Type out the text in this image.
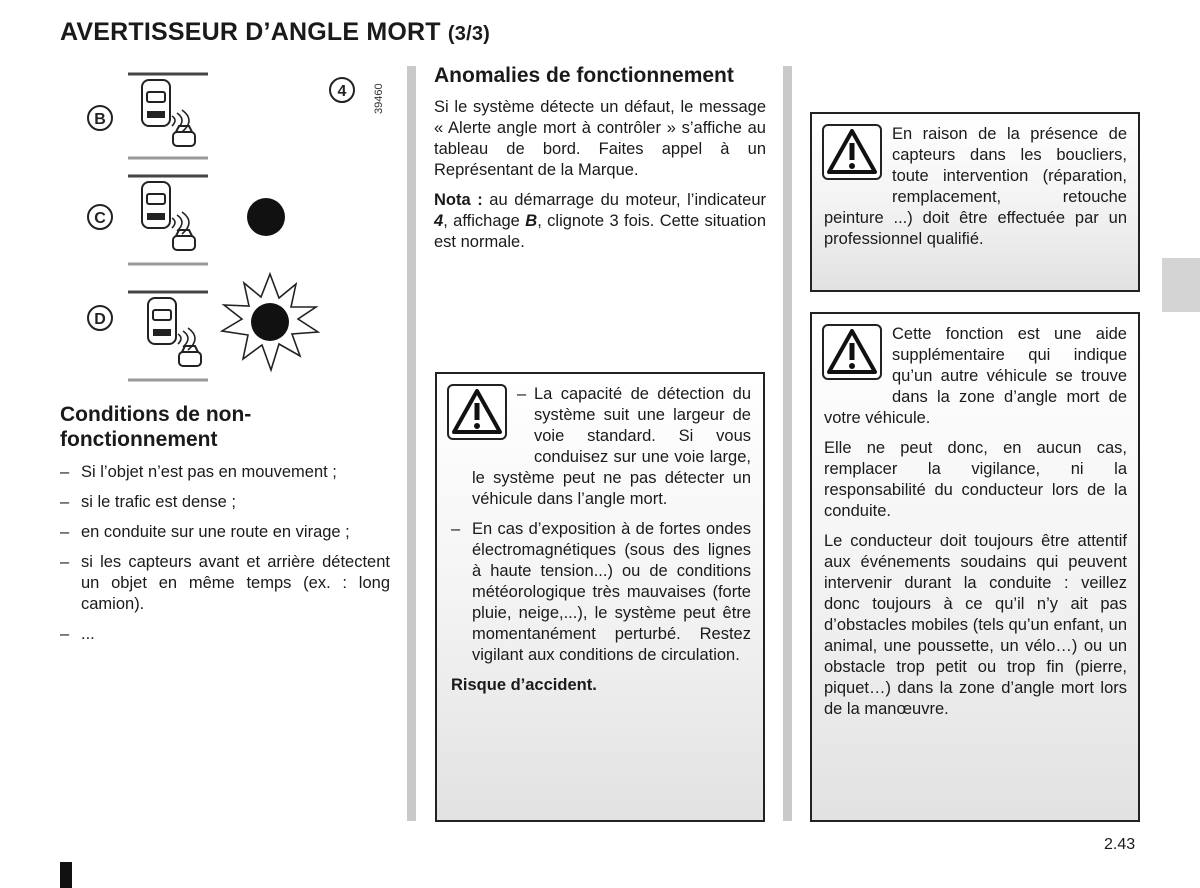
AVERTISSEUR D’ANGLE MORT (3/3)
B
C
D
4 39460
Conditions de non-fonctionnement
– Si l’objet n’est pas en mouvement ;
– si le trafic est dense ;
– en conduite sur une route en virage ;
– si les capteurs avant et arrière détectent un objet en même temps (ex. : long camion).
– ...
Anomalies de fonctionnement

Si le système détecte un défaut, le message « Alerte angle mort à contrôler » s’affiche au tableau de bord. Faites appel à un Représentant de la Marque.

Nota : au démarrage du moteur, l’indicateur 4, affichage B, clignote 3 fois. Cette situation est normale.

– La capacité de détection du système suit une largeur de voie standard. Si vous conduisez sur une voie large, le système peut ne pas détecter un véhicule dans l’angle mort.
– En cas d’exposition à de fortes ondes électromagnétiques (sous des lignes à haute tension...) ou de conditions météorologique très mauvaises (forte pluie, neige,...), le système peut être momentanément perturbé. Restez vigilant aux conditions de circulation.

Risque d’accident.

En raison de la présence de capteurs dans les boucliers, toute intervention (réparation, remplacement, retouche peinture ...) doit être effectuée par un professionnel qualifié.

Cette fonction est une aide supplémentaire qui indique qu’un autre véhicule se trouve dans la zone d’angle mort de votre véhicule.

Elle ne peut donc, en aucun cas, remplacer la vigilance, ni la responsabilité du conducteur lors de la conduite.

Le conducteur doit toujours être attentif aux événements soudains qui peuvent intervenir durant la conduite : veillez donc toujours à ce qu’il n’y ait pas d’obstacles mobiles (tels qu’un enfant, un animal, une poussette, un vélo…) ou un obstacle trop petit ou trop fin (pierre, piquet…) dans la zone d’angle mort lors de la manœuvre.

2.43
